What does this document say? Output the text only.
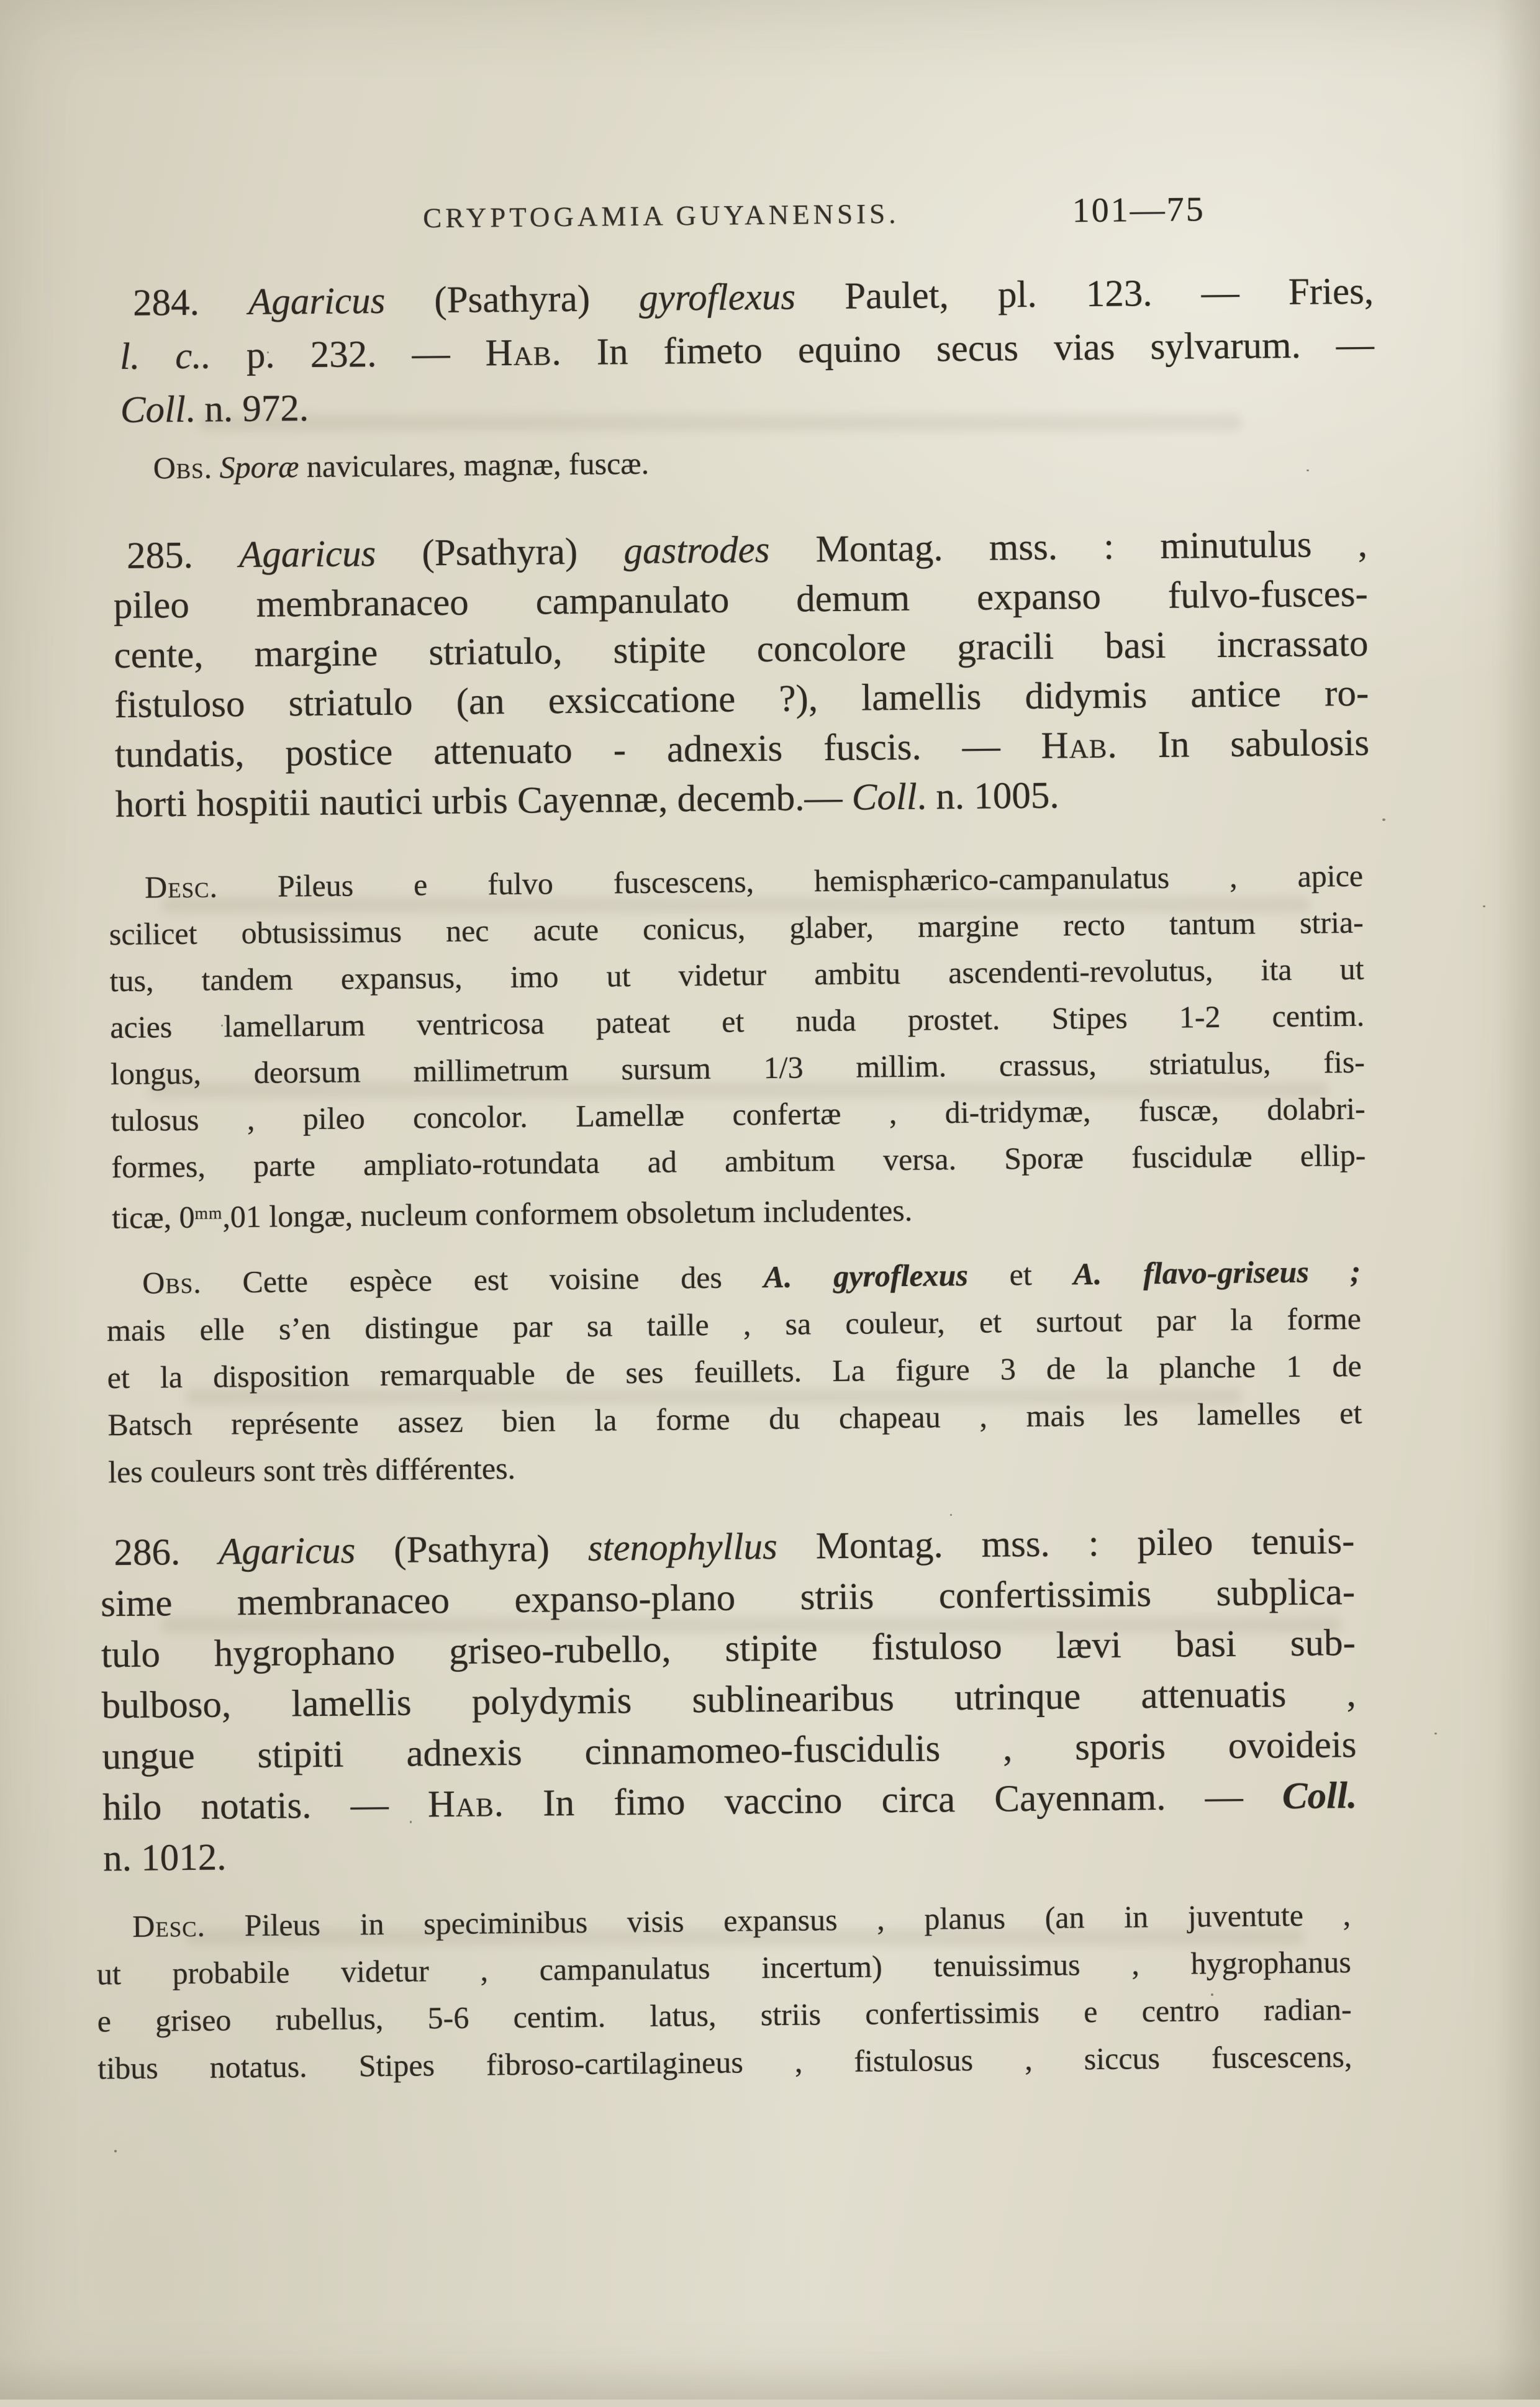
CRYPTOGAMIA GUYANENSIS.	101—75
284. Agaricus (Psathyra) gyroflexus Paulet, pl. 123. — Fries,
l. c.. p. 232. — Hab. In fimeto equino secus vias sylvarum. —
Coll. n. 972.
Obs. Sporæ naviculares, magnæ, fuscæ.
285. Agaricus (Psathyra) gastrodes Montag. mss. : minutulus ,
pileo membranaceo campanulato demum expanso fulvo-fusces-
cente, margine striatulo, stipite concolore gracili basi incrassato
fistuloso striatulo (an exsiccatione ?), lamellis didymis antice ro-
tundatis, postice attenuato - adnexis fuscis. — Hab. In sabulosis
horti hospitii nautici urbis Cayennæ, decemb.— Coll. n. 1005.
Desc. Pileus e fulvo fuscescens, hemisphærico-campanulatus , apice
scilicet obtusissimus nec acute conicus, glaber, margine recto tantum stria-
tus, tandem expansus, imo ut videtur ambitu ascendenti-revolutus, ita ut
acies lamellarum ventricosa pateat et nuda prostet. Stipes 1-2 centim.
longus, deorsum millimetrum sursum 1/3 millim. crassus, striatulus, fis-
tulosus , pileo concolor. Lamellæ confertæ , di-tridymæ, fuscæ, dolabri-
formes, parte ampliato-rotundata ad ambitum versa. Sporæ fuscidulæ ellip-
ticæ, $0^{mm},01$ longæ, nucleum conformem obsoletum includentes.
Obs. Cette espèce est voisine des A. gyroflexus et A. flavo-griseus ;
mais elle s’en distingue par sa taille , sa couleur, et surtout par la forme
et la disposition remarquable de ses feuillets. La figure 3 de la planche 1 de
Batsch représente assez bien la forme du chapeau , mais les lamelles et
les couleurs sont très différentes.
286. Agaricus (Psathyra) stenophyllus Montag. mss. : pileo tenuis-
sime membranaceo expanso-plano striis confertissimis subplica-
tulo hygrophano griseo-rubello, stipite fistuloso lævi basi sub-
bulboso, lamellis polydymis sublinearibus utrinque attenuatis ,
ungue stipiti adnexis cinnamomeo-fuscidulis , sporis ovoideis
hilo notatis. — Hab. In fimo vaccino circa Cayennam. — Coll.
n. 1012.
Desc. Pileus in speciminibus visis expansus , planus (an in juventute ,
ut probabile videtur , campanulatus incertum) tenuissimus , hygrophanus
e griseo rubellus, 5-6 centim. latus, striis confertissimis e centro radian-
tibus notatus. Stipes fibroso-cartilagineus , fistulosus , siccus fuscescens,
